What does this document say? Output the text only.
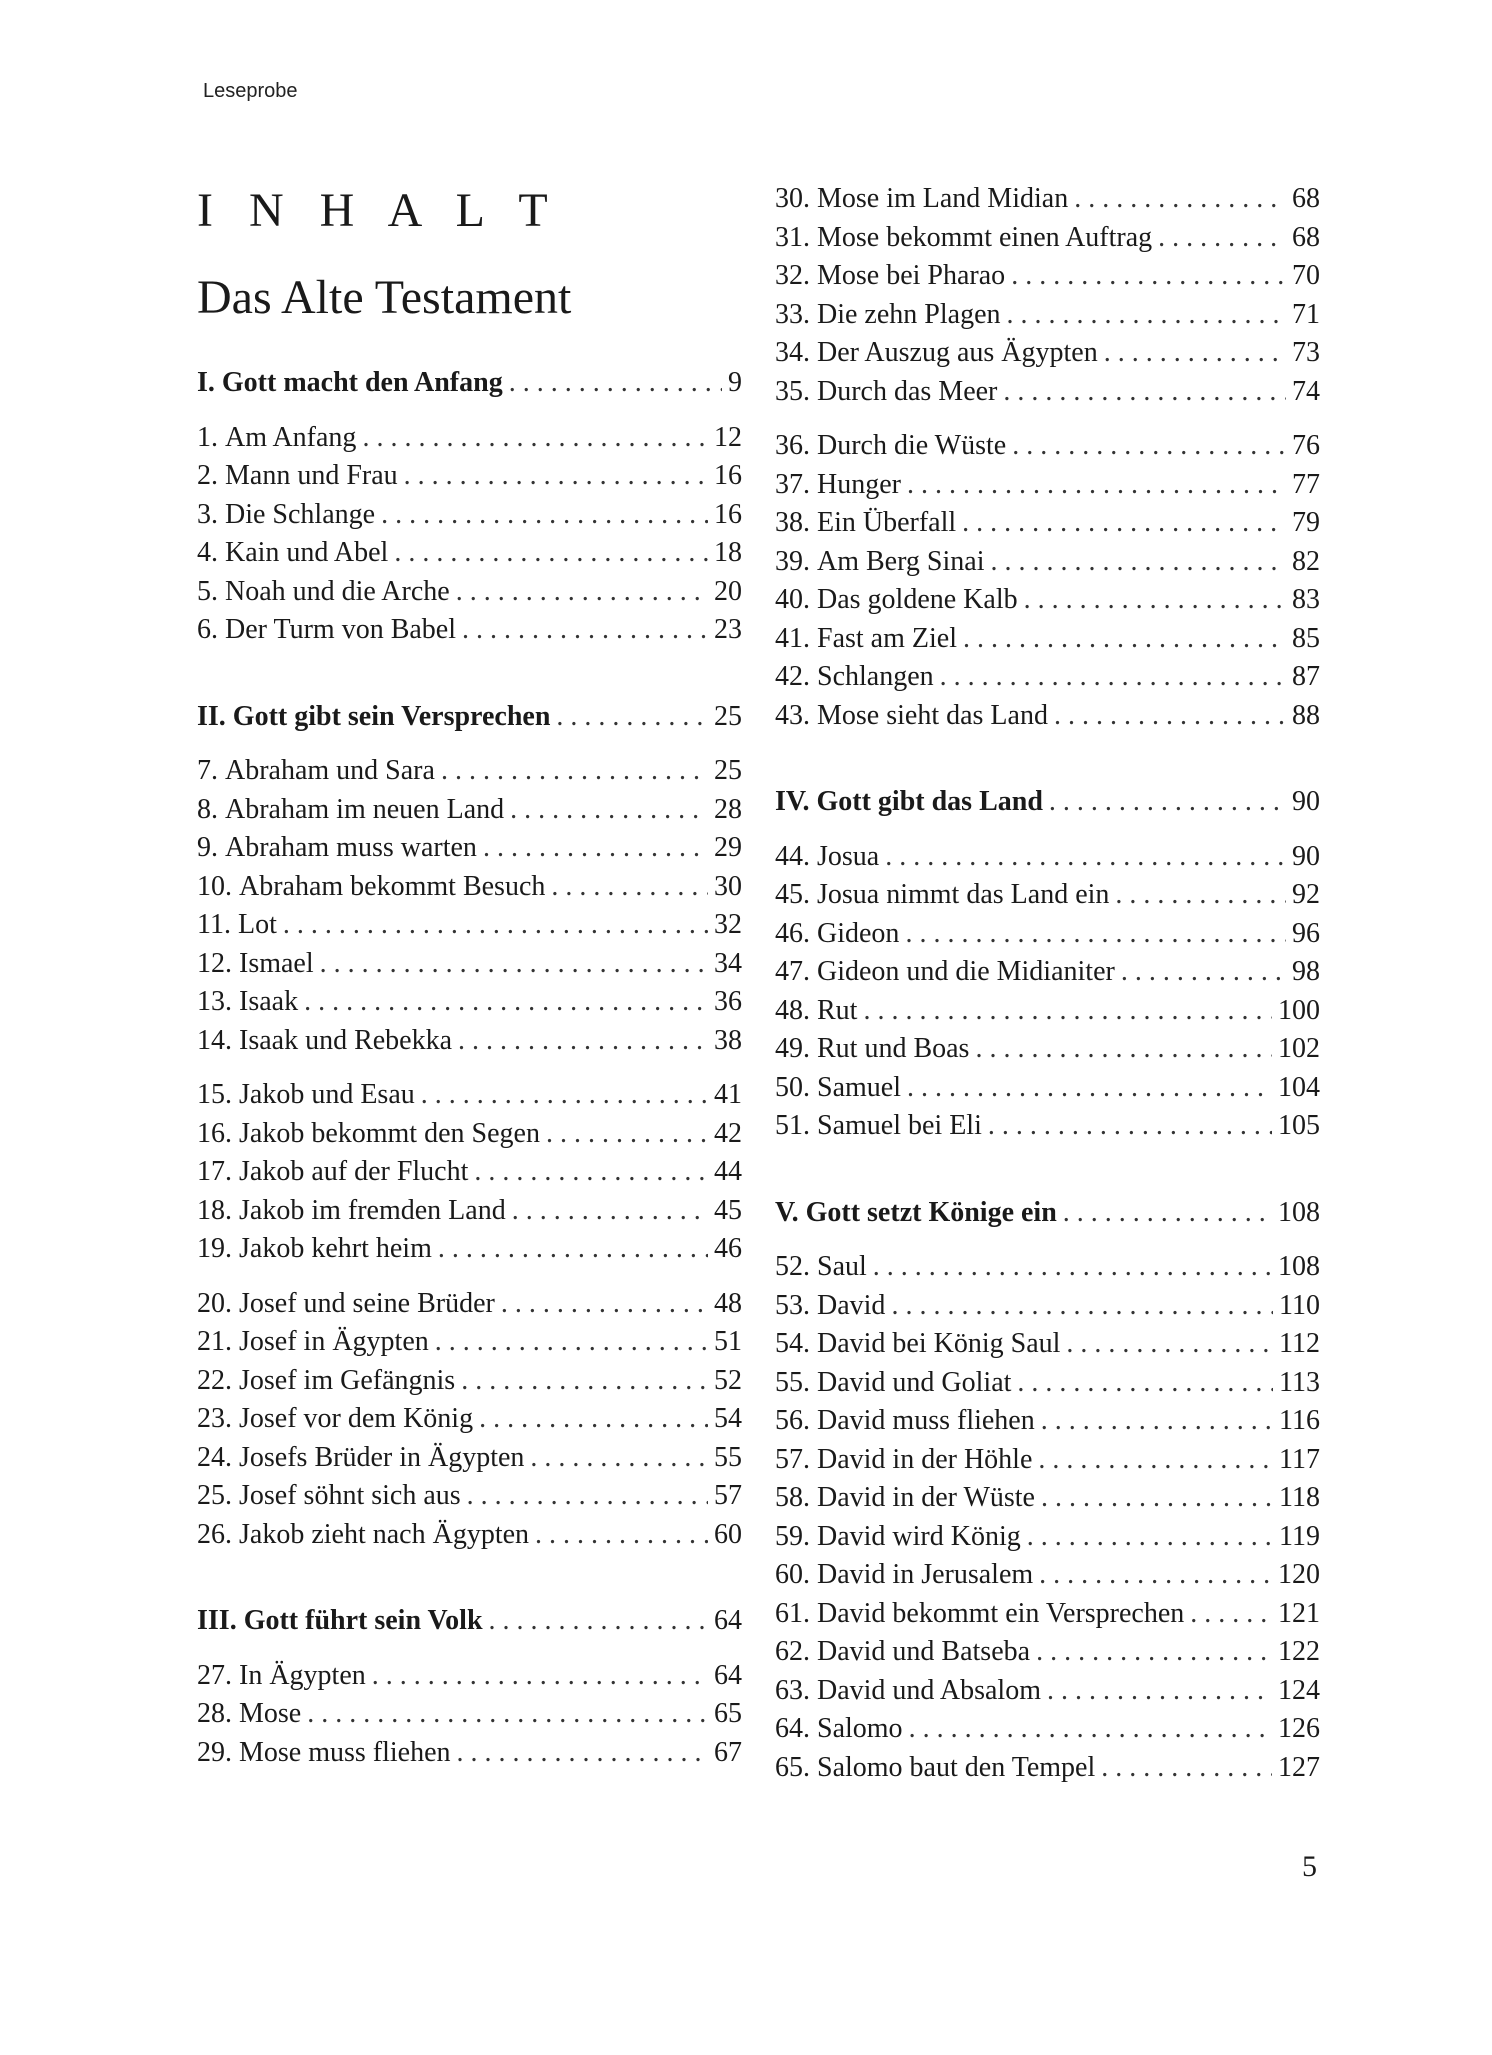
Leseprobe
I N H A L T
Das Alte Testament
I. Gott macht den Anfang . . .	9
1. Am Anfang . . .	12
2. Mann und Frau . . .	16
3. Die Schlange . . .	16
4. Kain und Abel . . .	18
5. Noah und die Arche . . .	20
6. Der Turm von Babel . . .	23
II. Gott gibt sein Versprechen . . .	25
7. Abraham und Sara . . .	25
8. Abraham im neuen Land . . .	28
9. Abraham muss warten . . .	29
10. Abraham bekommt Besuch . . .	30
11. Lot . . .	32
12. Ismael . . .	34
13. Isaak . . .	36
14. Isaak und Rebekka . . .	38
15. Jakob und Esau . . .	41
16. Jakob bekommt den Segen . . .	42
17. Jakob auf der Flucht . . .	44
18. Jakob im fremden Land . . .	45
19. Jakob kehrt heim . . .	46
20. Josef und seine Brüder . . .	48
21. Josef in Ägypten . . .	51
22. Josef im Gefängnis . . .	52
23. Josef vor dem König . . .	54
24. Josefs Brüder in Ägypten . . .	55
25. Josef söhnt sich aus . . .	57
26. Jakob zieht nach Ägypten . . .	60
III. Gott führt sein Volk . . .	64
27. In Ägypten . . .	64
28. Mose . . .	65
29. Mose muss fliehen . . .	67
30. Mose im Land Midian . . .	68
31. Mose bekommt einen Auftrag . . .	68
32. Mose bei Pharao . . .	70
33. Die zehn Plagen . . .	71
34. Der Auszug aus Ägypten . . .	73
35. Durch das Meer . . .	74
36. Durch die Wüste . . .	76
37. Hunger . . .	77
38. Ein Überfall . . .	79
39. Am Berg Sinai . . .	82
40. Das goldene Kalb . . .	83
41. Fast am Ziel . . .	85
42. Schlangen . . .	87
43. Mose sieht das Land . . .	88
IV. Gott gibt das Land . . .	90
44. Josua . . .	90
45. Josua nimmt das Land ein . . .	92
46. Gideon . . .	96
47. Gideon und die Midianiter . . .	98
48. Rut . . .	100
49. Rut und Boas . . .	102
50. Samuel . . .	104
51. Samuel bei Eli . . .	105
V. Gott setzt Könige ein . . .	108
52. Saul . . .	108
53. David . . .	110
54. David bei König Saul . . .	112
55. David und Goliat . . .	113
56. David muss fliehen . . .	116
57. David in der Höhle . . .	117
58. David in der Wüste . . .	118
59. David wird König . . .	119
60. David in Jerusalem . . .	120
61. David bekommt ein Versprechen . . .	121
62. David und Batseba . . .	122
63. David und Absalom . . .	124
64. Salomo . . .	126
65. Salomo baut den Tempel . . .	127
5
